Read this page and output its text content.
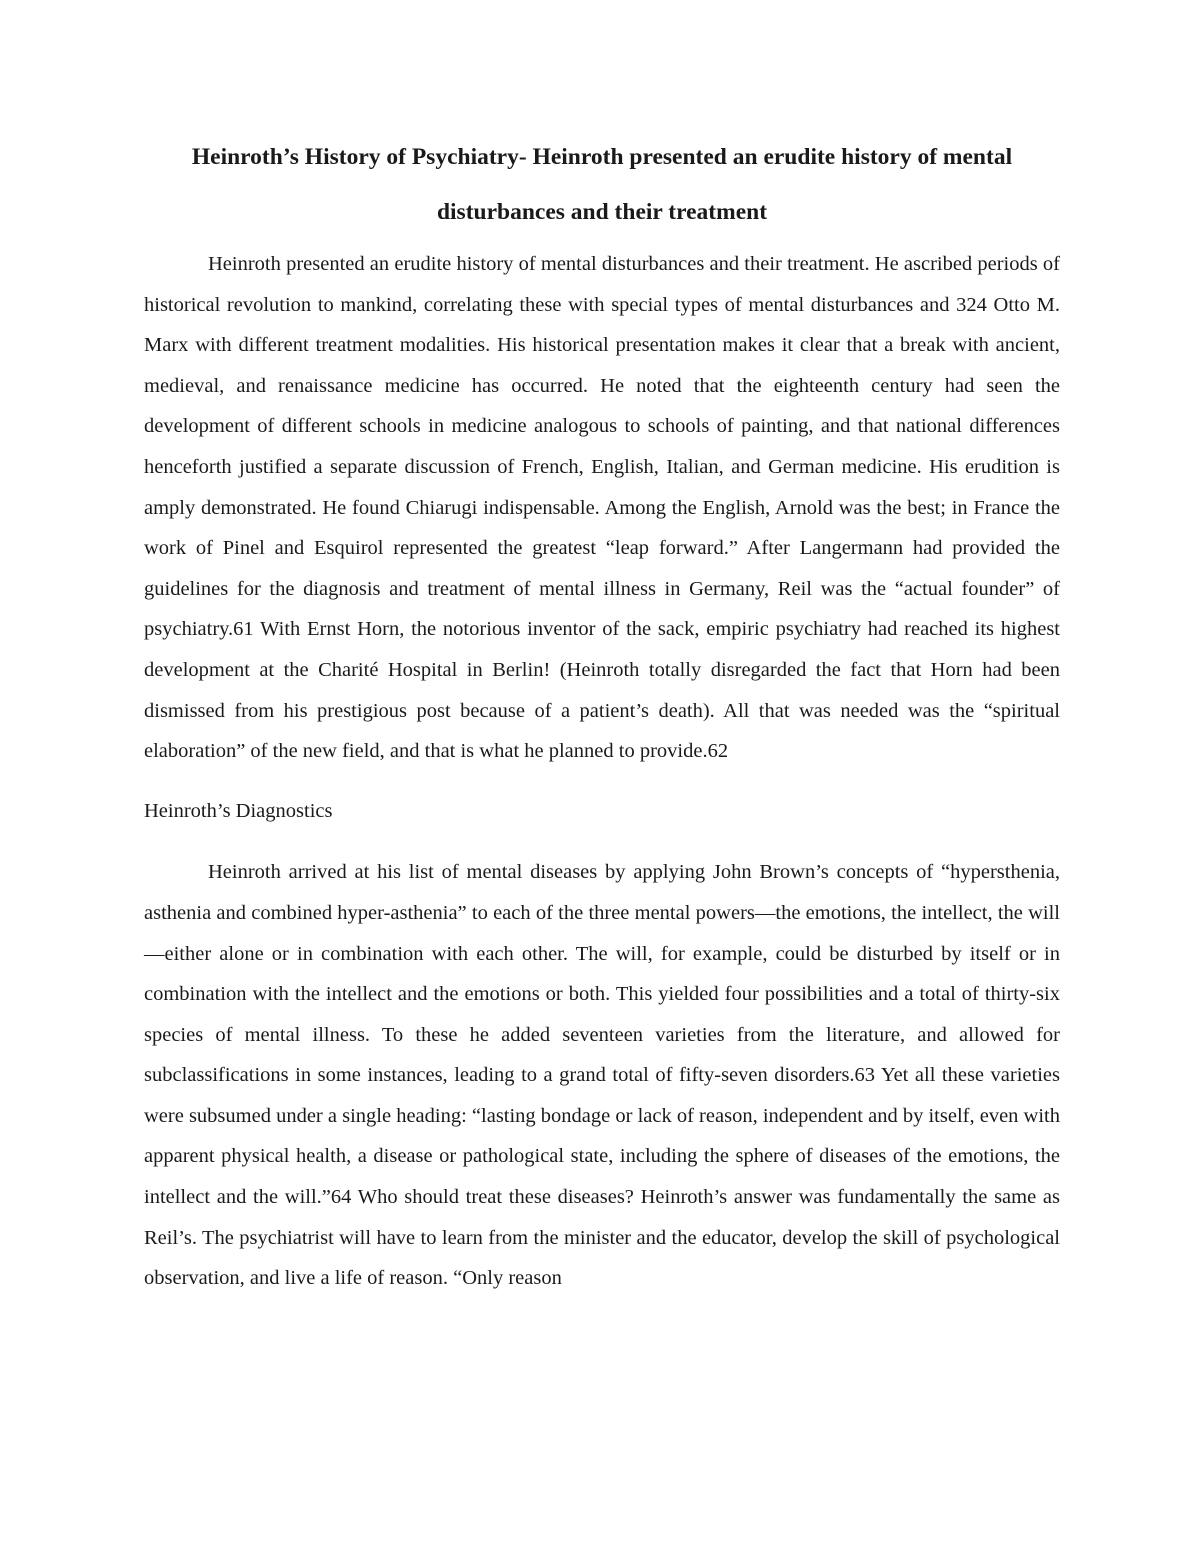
Heinroth’s History of Psychiatry- Heinroth presented an erudite history of mental disturbances and their treatment

Heinroth presented an erudite history of mental disturbances and their treatment. He ascribed periods of historical revolution to mankind, correlating these with special types of mental disturbances and 324 Otto M. Marx with different treatment modalities. His historical presentation makes it clear that a break with ancient, medieval, and renaissance medicine has occurred. He noted that the eighteenth century had seen the development of different schools in medicine analogous to schools of painting, and that national differences henceforth justified a separate discussion of French, English, Italian, and German medicine. His erudition is amply demonstrated. He found Chiarugi indispensable. Among the English, Arnold was the best; in France the work of Pinel and Esquirol represented the greatest “leap forward.” After Langermann had provided the guidelines for the diagnosis and treatment of mental illness in Germany, Reil was the “actual founder” of psychiatry.61 With Ernst Horn, the notorious inventor of the sack, empiric psychiatry had reached its highest development at the Charité Hospital in Berlin! (Heinroth totally disregarded the fact that Horn had been dismissed from his prestigious post because of a patient’s death). All that was needed was the “spiritual elaboration” of the new field, and that is what he planned to provide.62

Heinroth’s Diagnostics

Heinroth arrived at his list of mental diseases by applying John Brown’s concepts of “hypersthenia, asthenia and combined hyper-asthenia” to each of the three mental powers—the emotions, the intellect, the will—either alone or in combination with each other. The will, for example, could be disturbed by itself or in combination with the intellect and the emotions or both. This yielded four possibilities and a total of thirty-six species of mental illness. To these he added seventeen varieties from the literature, and allowed for subclassifications in some instances, leading to a grand total of fifty-seven disorders.63 Yet all these varieties were subsumed under a single heading: “lasting bondage or lack of reason, independent and by itself, even with apparent physical health, a disease or pathological state, including the sphere of diseases of the emotions, the intellect and the will.”64 Who should treat these diseases? Heinroth’s answer was fundamentally the same as Reil’s. The psychiatrist will have to learn from the minister and the educator, develop the skill of psychological observation, and live a life of reason. “Only reason
